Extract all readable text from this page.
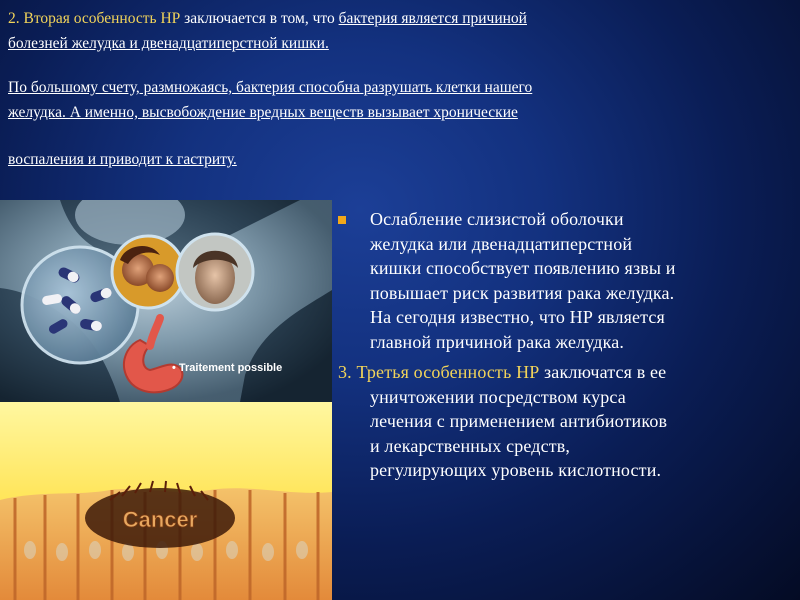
2. Вторая особенность НР заключается в том, что бактерия является причиной

болезней желудка и двенадцатиперстной кишки.

По большому счету, размножаясь, бактерия способна разрушать клетки нашего

желудка. А именно, высвобождение вредных веществ вызывает хронические

воспаления и приводит к гастриту.

• Traitement possible
Cancer
Ослабление слизистой оболочки
желудка или двенадцатиперстной
кишки способствует появлению язвы и
повышает риск развития рака желудка.
На сегодня известно, что НР является
главной причиной рака желудка.
3. Третья особенность НР заключатся в ее
уничтожении посредством курса
лечения с применением антибиотиков
и лекарственных средств,
регулирующих уровень кислотности.
